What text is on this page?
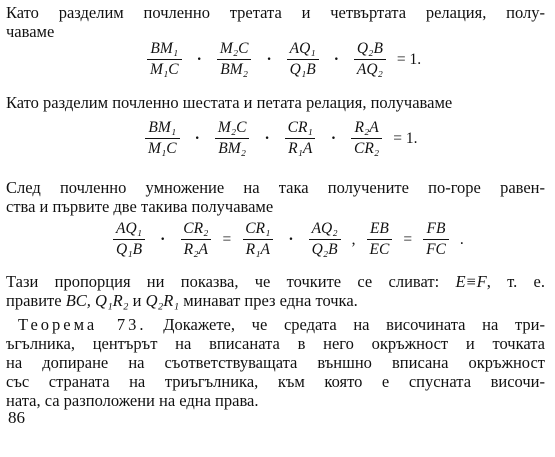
Като разделим почленно третата и четвъртата релация, полу-
чаваме
$\frac{\text{BM₁}}{\text{M₁C}} \cdot \frac{\text{M₂C}}{\text{BM₂}} \cdot \frac{\text{AQ₁}}{\text{Q₁B}} \cdot \frac{\text{Q₂B}}{\text{AQ₂}} = 1$.
Като разделим почленно шестата и петата релация, получаваме
$\frac{\text{BM₁}}{\text{M₁C}} \cdot \frac{\text{M₂C}}{\text{BM₂}} \cdot \frac{\text{CR₁}}{\text{R₁A}} \cdot \frac{\text{R₂A}}{\text{CR₂}} = 1$.
След почленно умножение на така получените по-горе равен-
ства и първите две такива получаваме
$\frac{\text{AQ₁}}{\text{Q₁B}} \cdot \frac{\text{CR₂}}{\text{R₂A}} = \frac{\text{CR₁}}{\text{R₁A}} \cdot \frac{\text{AQ₂}}{\text{Q₂B}}$ , $\frac{EB}{EC} = \frac{FB}{FC}$ .
Тази пропорция ни показва, че точките се сливат: E≡F, т. е.
правите BC, Q₁R₂ и Q₂R₁ минават през една точка.
Теорема 73. Докажете, че средата на височината на три-
ъгълника, центърът на вписаната в него окръжност и точката
на допиране на съответствуващата външно вписана окръжност
със страната на триъгълника, към която е спусната височи-
ната, са разположени на една права.
86
